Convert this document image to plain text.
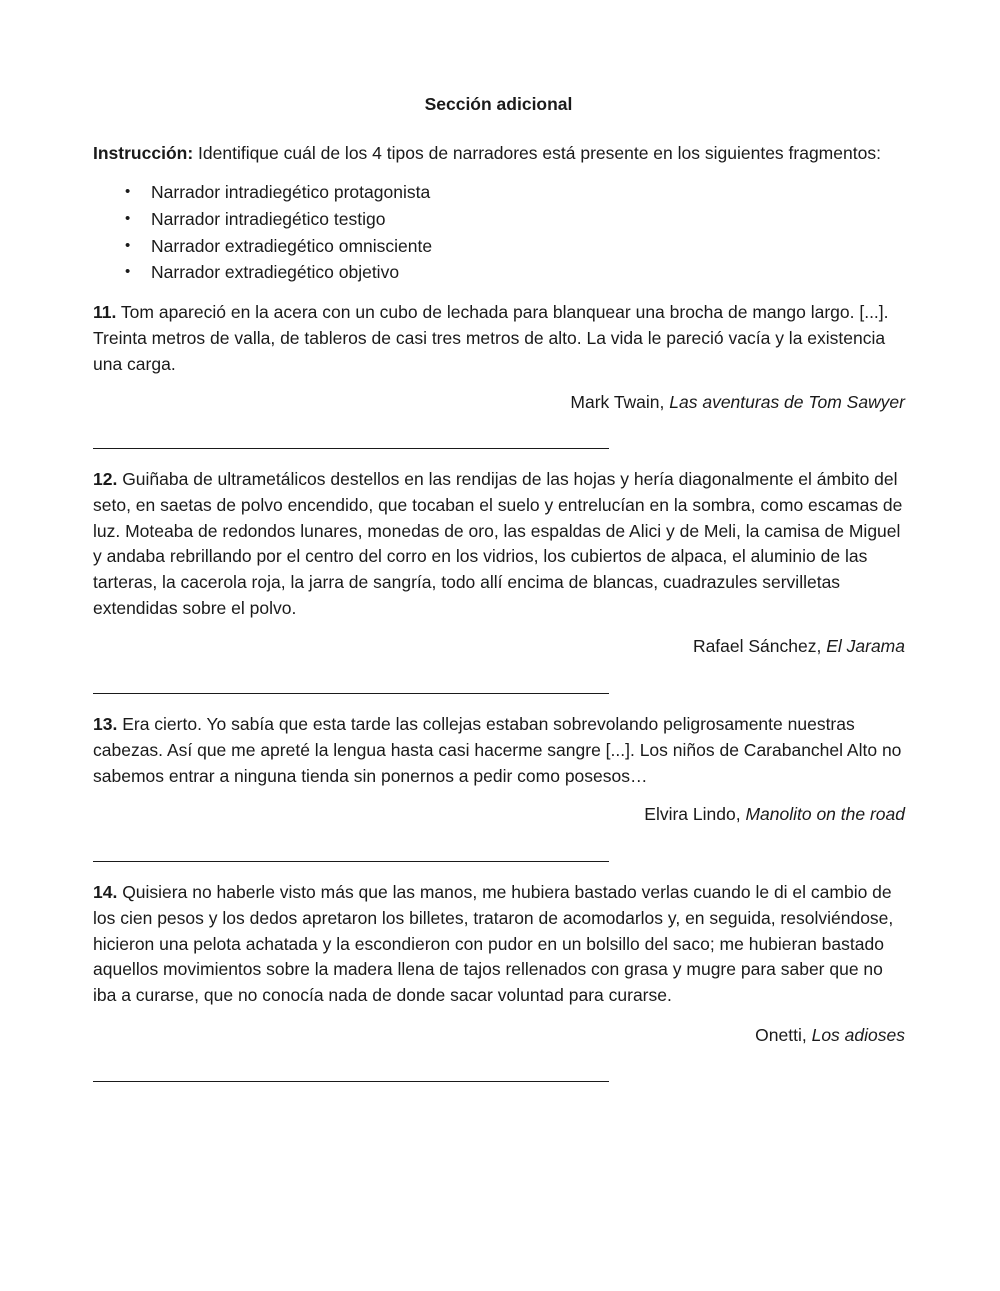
Sección adicional
Instrucción: Identifique cuál de los 4 tipos de narradores está presente en los siguientes fragmentos:
• Narrador intradiegético protagonista
• Narrador intradiegético testigo
• Narrador extradiegético omnisciente
• Narrador extradiegético objetivo
11. Tom apareció en la acera con un cubo de lechada para blanquear una brocha de mango largo. [...]. Treinta metros de valla, de tableros de casi tres metros de alto. La vida le pareció vacía y la existencia una carga.
Mark Twain, Las aventuras de Tom Sawyer
12. Guiñaba de ultrametálicos destellos en las rendijas de las hojas y hería diagonalmente el ámbito del seto, en saetas de polvo encendido, que tocaban el suelo y entrelucían en la sombra, como escamas de luz. Moteaba de redondos lunares, monedas de oro, las espaldas de Alici y de Meli, la camisa de Miguel y andaba rebrillando por el centro del corro en los vidrios, los cubiertos de alpaca, el aluminio de las tarteras, la cacerola roja, la jarra de sangría, todo allí encima de blancas, cuadrazules servilletas extendidas sobre el polvo.
Rafael Sánchez, El Jarama
13. Era cierto. Yo sabía que esta tarde las collejas estaban sobrevolando peligrosamente nuestras cabezas. Así que me apreté la lengua hasta casi hacerme sangre [...]. Los niños de Carabanchel Alto no sabemos entrar a ninguna tienda sin ponernos a pedir como posesos…
Elvira Lindo, Manolito on the road
14. Quisiera no haberle visto más que las manos, me hubiera bastado verlas cuando le di el cambio de los cien pesos y los dedos apretaron los billetes, trataron de acomodarlos y, en seguida, resolviéndose, hicieron una pelota achatada y la escondieron con pudor en un bolsillo del saco; me hubieran bastado aquellos movimientos sobre la madera llena de tajos rellenados con grasa y mugre para saber que no iba a curarse, que no conocía nada de donde sacar voluntad para curarse.
Onetti, Los adioses
